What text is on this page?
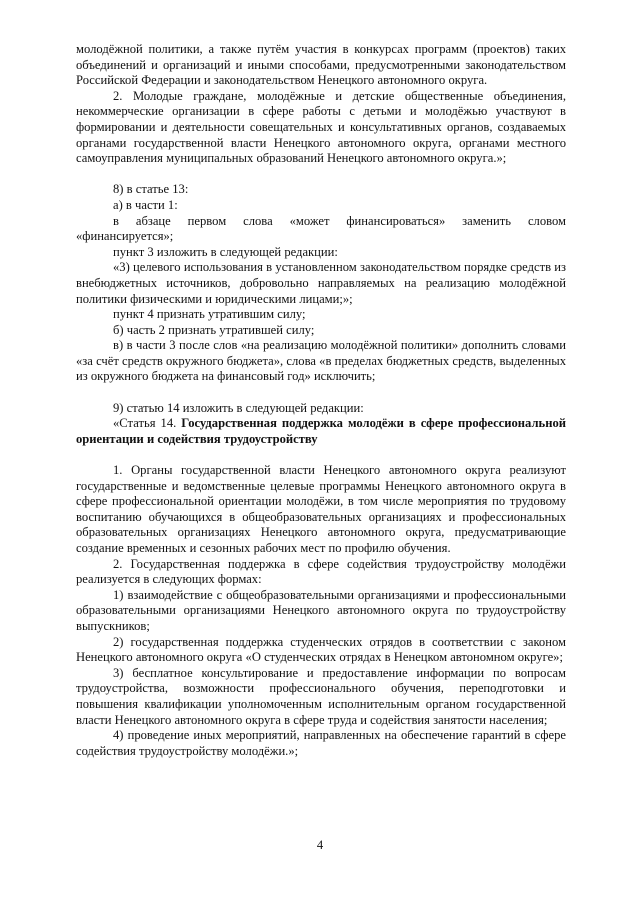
молодёжной политики, а также путём участия в конкурсах программ (проектов) таких объединений и организаций и иными способами, предусмотренными законодательством Российской Федерации и законодательством Ненецкого автономного округа.

2. Молодые граждане, молодёжные и детские общественные объединения, некоммерческие организации в сфере работы с детьми и молодёжью участвуют в формировании и деятельности совещательных и консультативных органов, создаваемых органами государственной власти Ненецкого автономного округа, органами местного самоуправления муниципальных образований Ненецкого автономного округа.»;

8) в статье 13:

а) в части 1:

в абзаце первом слова «может финансироваться» заменить словом «финансируется»;

пункт 3 изложить в следующей редакции:

«3) целевого использования в установленном законодательством порядке средств из внебюджетных источников, добровольно направляемых на реализацию молодёжной политики физическими и юридическими лицами;»;

пункт 4 признать утратившим силу;

б) часть 2 признать утратившей силу;

в) в части 3 после слов «на реализацию молодёжной политики» дополнить словами «за счёт средств окружного бюджета», слова «в пределах бюджетных средств, выделенных из окружного бюджета на финансовый год» исключить;

9) статью 14 изложить в следующей редакции:

«Статья 14. Государственная поддержка молодёжи в сфере профессиональной ориентации и содействия трудоустройству

1. Органы государственной власти Ненецкого автономного округа реализуют государственные и ведомственные целевые программы Ненецкого автономного округа в сфере профессиональной ориентации молодёжи, в том числе мероприятия по трудовому воспитанию обучающихся в общеобразовательных организациях и профессиональных образовательных организациях Ненецкого автономного округа, предусматривающие создание временных и сезонных рабочих мест по профилю обучения.

2. Государственная поддержка в сфере содействия трудоустройству молодёжи реализуется в следующих формах:

1) взаимодействие с общеобразовательными организациями и профессиональными образовательными организациями Ненецкого автономного округа по трудоустройству выпускников;

2) государственная поддержка студенческих отрядов в соответствии с законом Ненецкого автономного округа «О студенческих отрядах в Ненецком автономном округе»;

3) бесплатное консультирование и предоставление информации по вопросам трудоустройства, возможности профессионального обучения, переподготовки и повышения квалификации уполномоченным исполнительным органом государственной власти Ненецкого автономного округа в сфере труда и содействия занятости населения;

4) проведение иных мероприятий, направленных на обеспечение гарантий в сфере содействия трудоустройству молодёжи.»;

4
